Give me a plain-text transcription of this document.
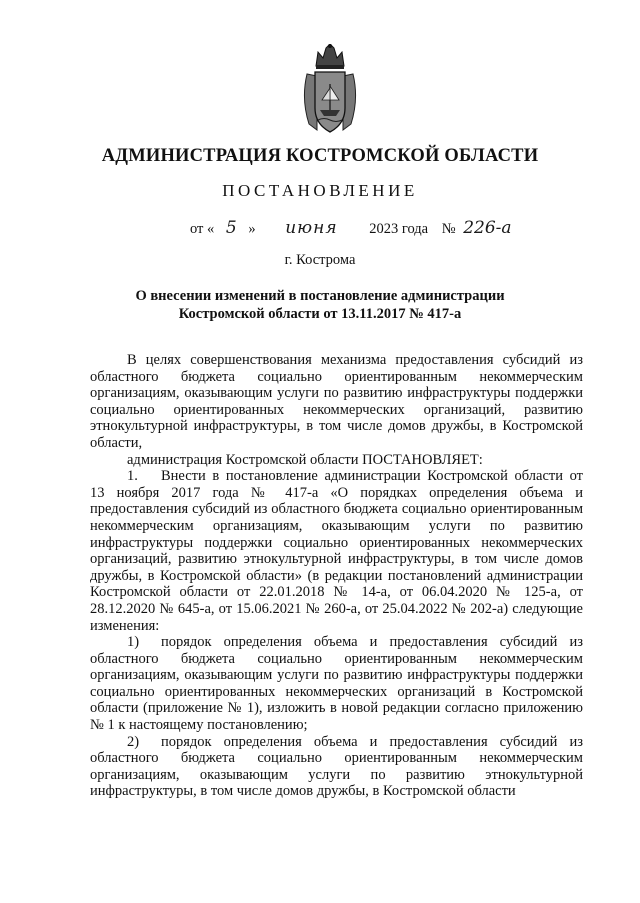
АДМИНИСТРАЦИЯ КОСТРОМСКОЙ ОБЛАСТИ
ПОСТАНОВЛЕНИЕ
от « 5 » июня 2023 года № 226-а
г. Кострома
О внесении изменений в постановление администрации
Костромской области от 13.11.2017 № 417-а

В целях совершенствования механизма предоставления субсидий из областного бюджета социально ориентированным некоммерческим организациям, оказывающим услуги по развитию инфраструктуры поддержки социально ориентированных некоммерческих организаций, развитию этнокультурной инфраструктуры, в том числе домов дружбы, в Костромской области,

администрация Костромской области ПОСТАНОВЛЯЕТ:

1. Внести в постановление администрации Костромской области от 13 ноября 2017 года № 417-а «О порядках определения объема и предоставления субсидий из областного бюджета социально ориентированным некоммерческим организациям, оказывающим услуги по развитию инфраструктуры поддержки социально ориентированных некоммерческих организаций, развитию этнокультурной инфраструктуры, в том числе домов дружбы, в Костромской области» (в редакции постановлений администрации Костромской области от 22.01.2018 № 14-а, от 06.04.2020 № 125-а, от 28.12.2020 № 645-а, от 15.06.2021 № 260-а, от 25.04.2022 № 202-а) следующие изменения:

1) порядок определения объема и предоставления субсидий из областного бюджета социально ориентированным некоммерческим организациям, оказывающим услуги по развитию инфраструктуры поддержки социально ориентированных некоммерческих организаций в Костромской области (приложение № 1), изложить в новой редакции согласно приложению № 1 к настоящему постановлению;

2) порядок определения объема и предоставления субсидий из областного бюджета социально ориентированным некоммерческим организациям, оказывающим услуги по развитию этнокультурной инфраструктуры, в том числе домов дружбы, в Костромской области
